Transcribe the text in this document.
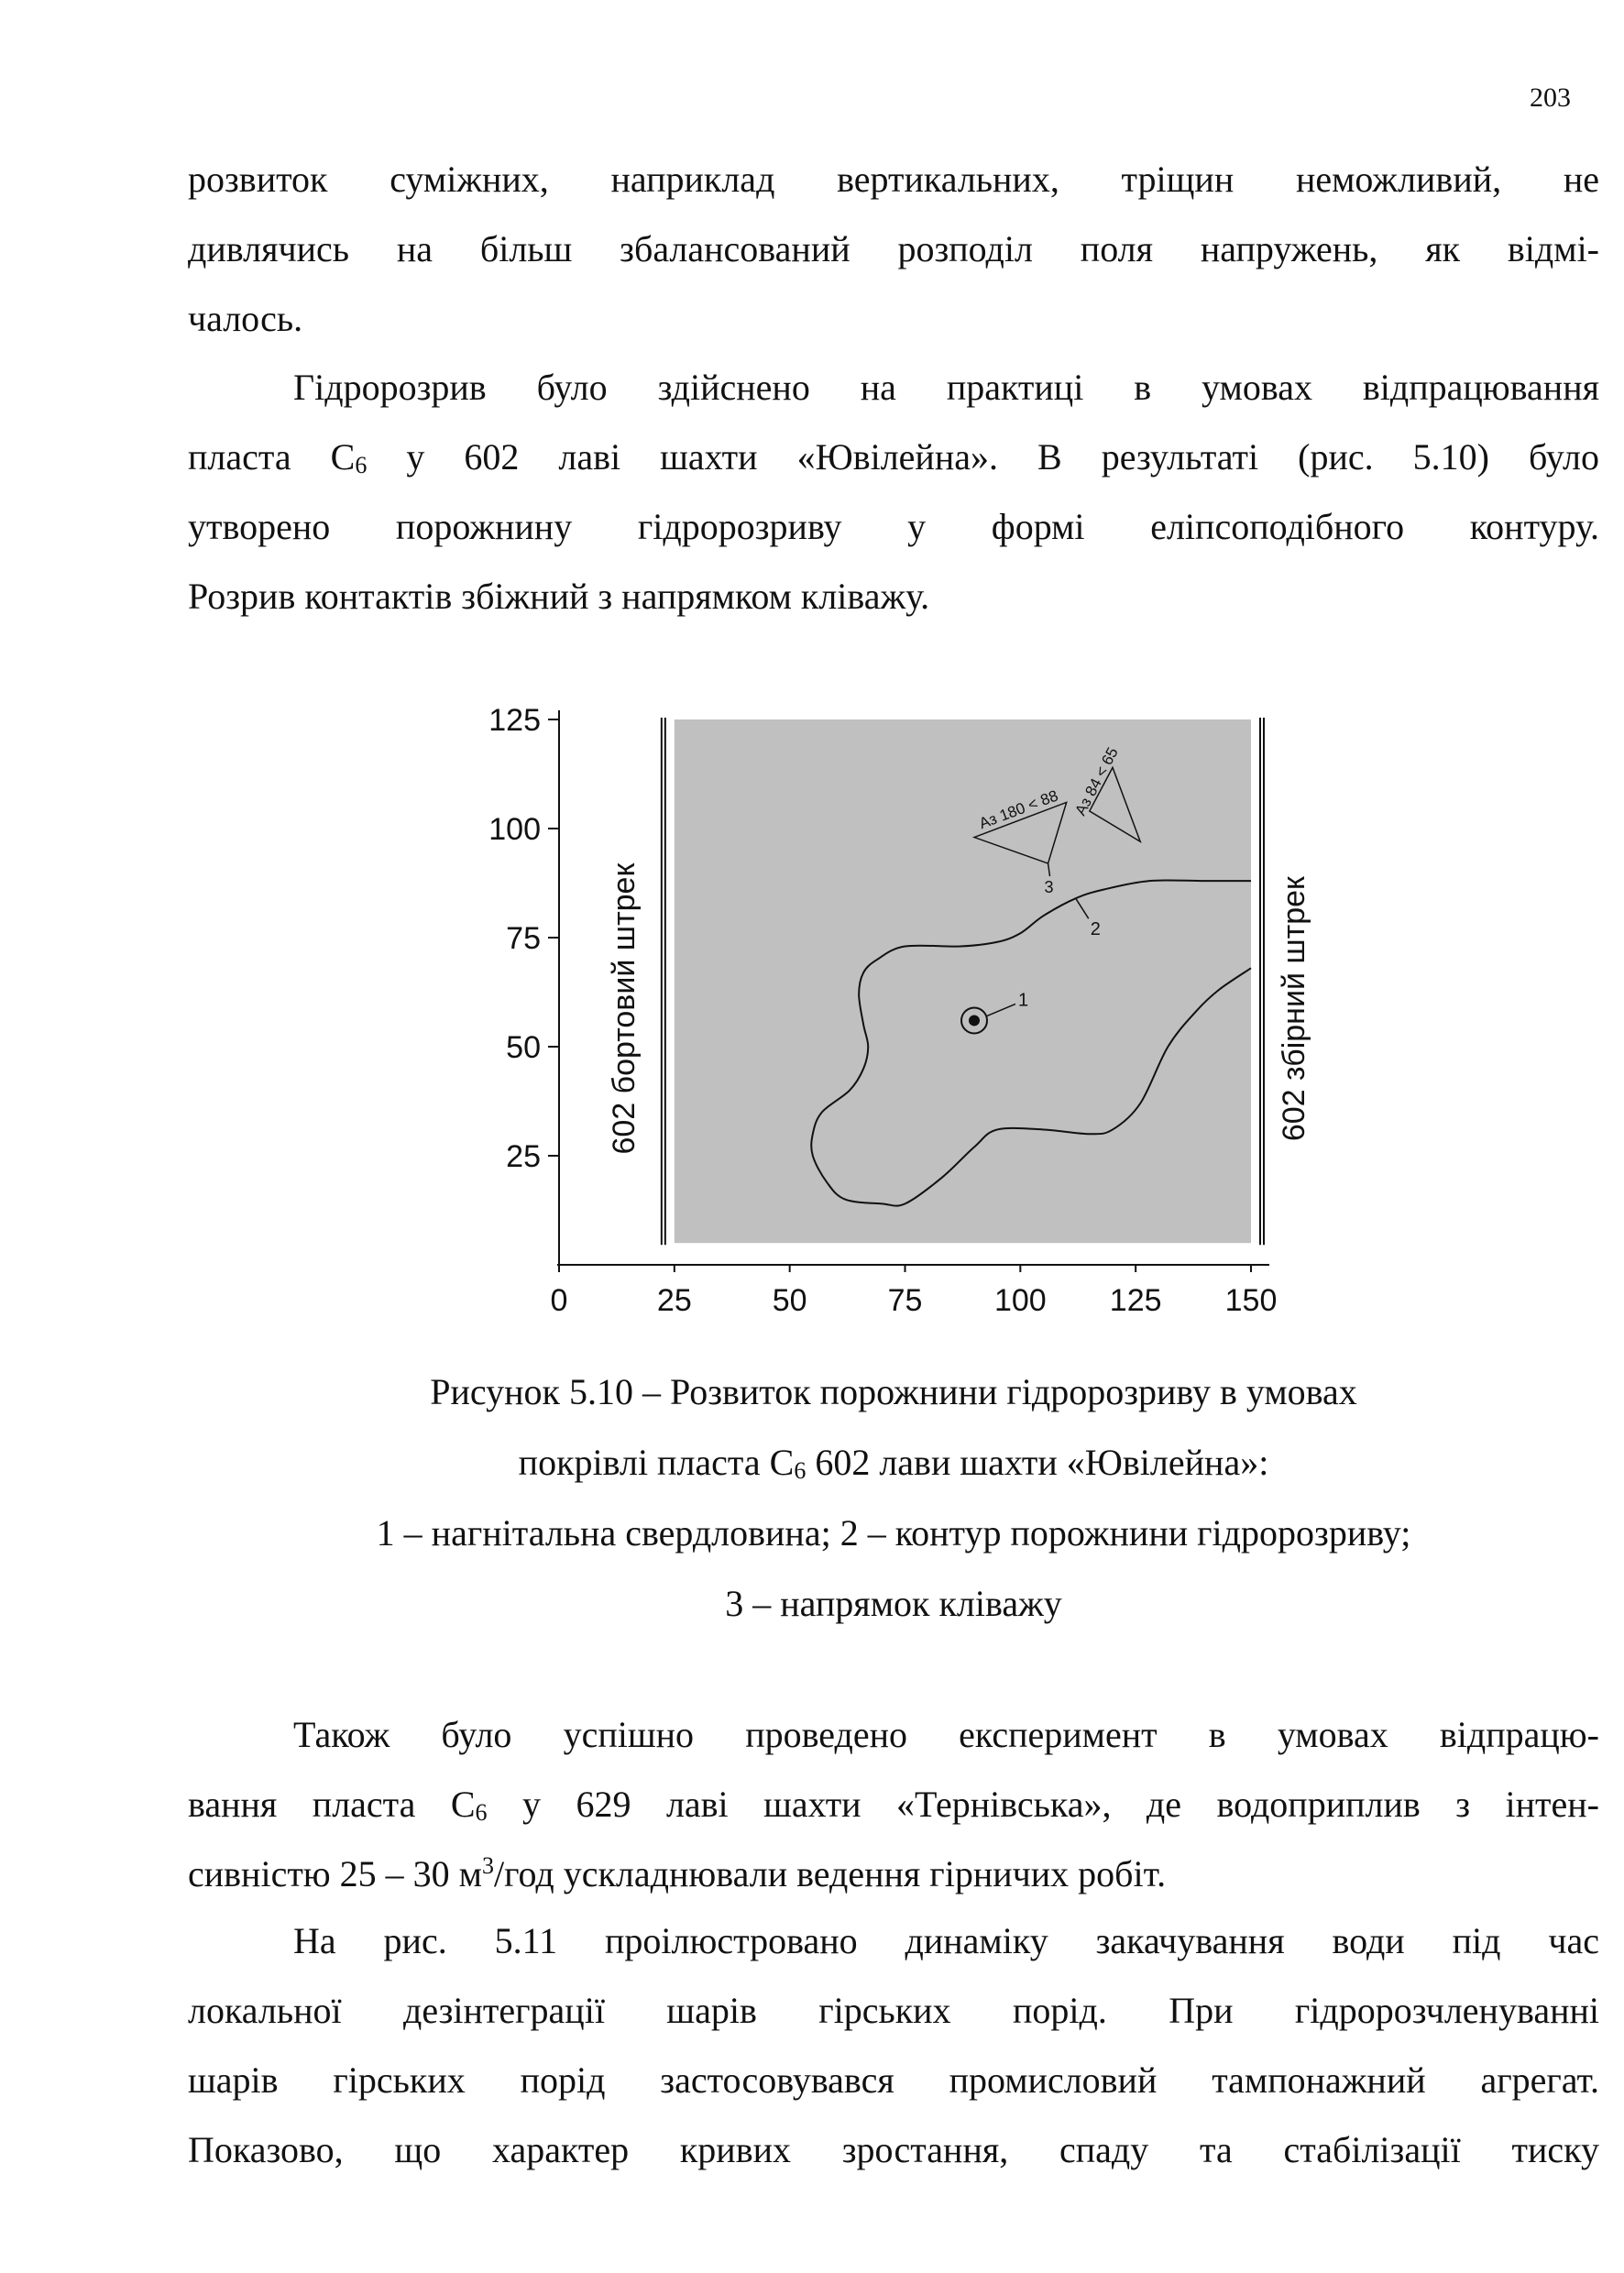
203

розвиток суміжних, наприклад вертикальних, тріщин неможливий, не
дивлячись на більш збалансований розподіл поля напружень, як відмі-
чалось.

Гідророзрив було здійснено на практиці в умовах відпрацювання
пласта $С_6$ у 602 лаві шахти «Ювілейна». В результаті (рис. 5.10) було
утворено порожнину гідророзриву у формі еліпсоподібного контуру.
Розрив контактів збіжний з напрямком кліважу.

0	25	50	75 100 125 150
25
50
75
100
125
602 бортовий штрек	602 збірний штрек
2
1
Аз 180 < 88 Аз 84 < 65
3
Рисунок 5.10 – Розвиток порожнини гідророзриву в умовах
покрівлі пласта $С_6$ 602 лави шахти «Ювілейна»:
1 – нагнітальна свердловина; 2 – контур порожнини гідророзриву;
3 – напрямок кліважу

Також було успішно проведено експеримент в умовах відпрацю-
вання пласта $С_6$ у 629 лаві шахти «Тернівська», де водоприплив з інтен-
сивністю 25 – 30 $м^3$/год ускладнювали ведення гірничих робіт.

На рис. 5.11 проілюстровано динаміку закачування води під час
локальної дезінтеграції шарів гірських порід. При гідророзчленуванні
шарів гірських порід застосовувався промисловий тампонажний агрегат.
Показово, що характер кривих зростання, спаду та стабілізації тиску
